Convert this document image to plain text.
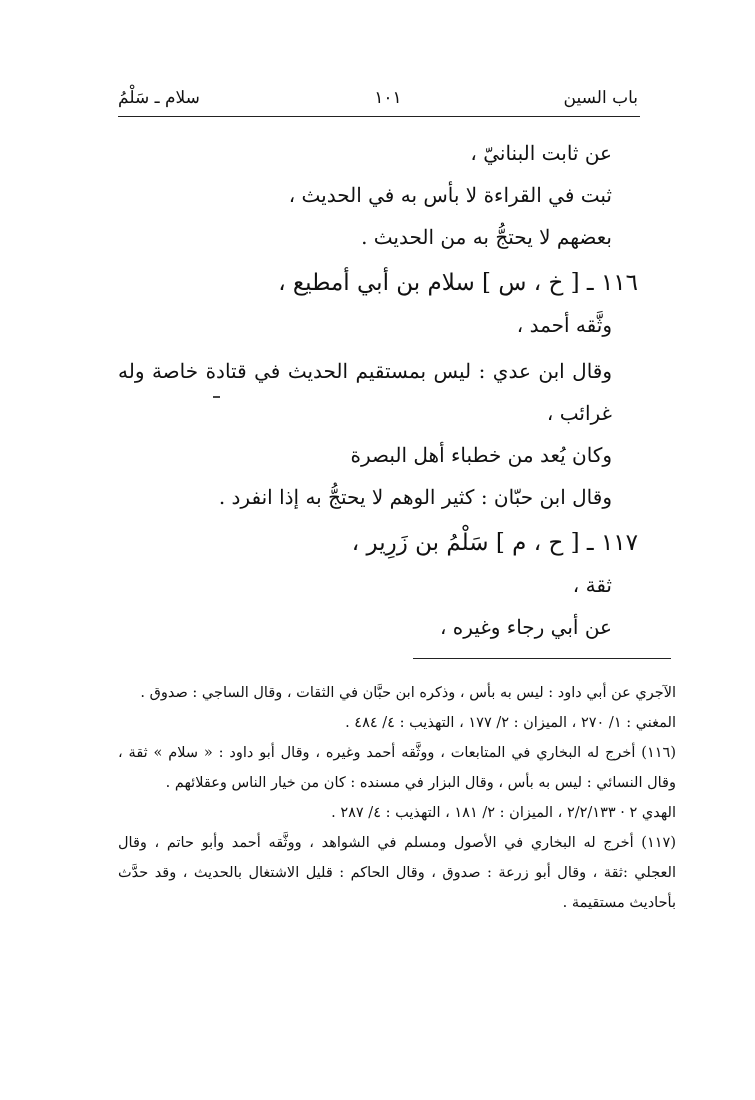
باب السين
١٠١
سلام ـ سَلْمُ
عن ثابت البنانيّ ،
ثبت في القراءة لا بأس به في الحديث ،
بعضهم لا يحتجُّ به من الحديث .
١١٦ ـ [ خ ، س ] سلام بن أبي أمطيع ،
وثَّقه أحمد ،
وقال ابن عدي : ليس بمستقيم الحديث في قتادة خاصة وله غرائب ،
وكان يُعد من خطباء أهل البصرة
وقال ابن حبّان : كثير الوهم لا يحتجُّ به إذا انفرد .
١١٧ ـ [ ح ، م ] سَلْمُ بن زَرِير ،
ثقة ،
عن أبي رجاء وغيره ،
الآجري عن أبي داود : ليس به بأس ، وذكره ابن حبَّان في الثقات ، وقال الساجي : صدوق .
المغني : ١/ ٢٧٠ ، الميزان : ٢/ ١٧٧ ، التهذيب : ٤/ ٤٨٤ .
(١١٦) أخرج له البخاري في المتابعات ، ووثَّقه أحمد وغيره ، وقال أبو داود : « سلام » ثقة ، وقال النسائي : ليس به بأس ، وقال البزار في مسنده : كان من خيار الناس وعقلائهم .
الهدي ٢ · ٢/٢/١٣٣ ، الميزان : ٢/ ١٨١ ، التهذيب : ٤/ ٢٨٧ .
(١١٧) أخرج له البخاري في الأصول ومسلم في الشواهد ، ووثَّقه أحمد وأبو حاتم ، وقال العجلي :ثقة ، وقال أبو زرعة : صدوق ، وقال الحاكم : قليل الاشتغال بالحديث ، وقد حدَّث بأحاديث مستقيمة .
